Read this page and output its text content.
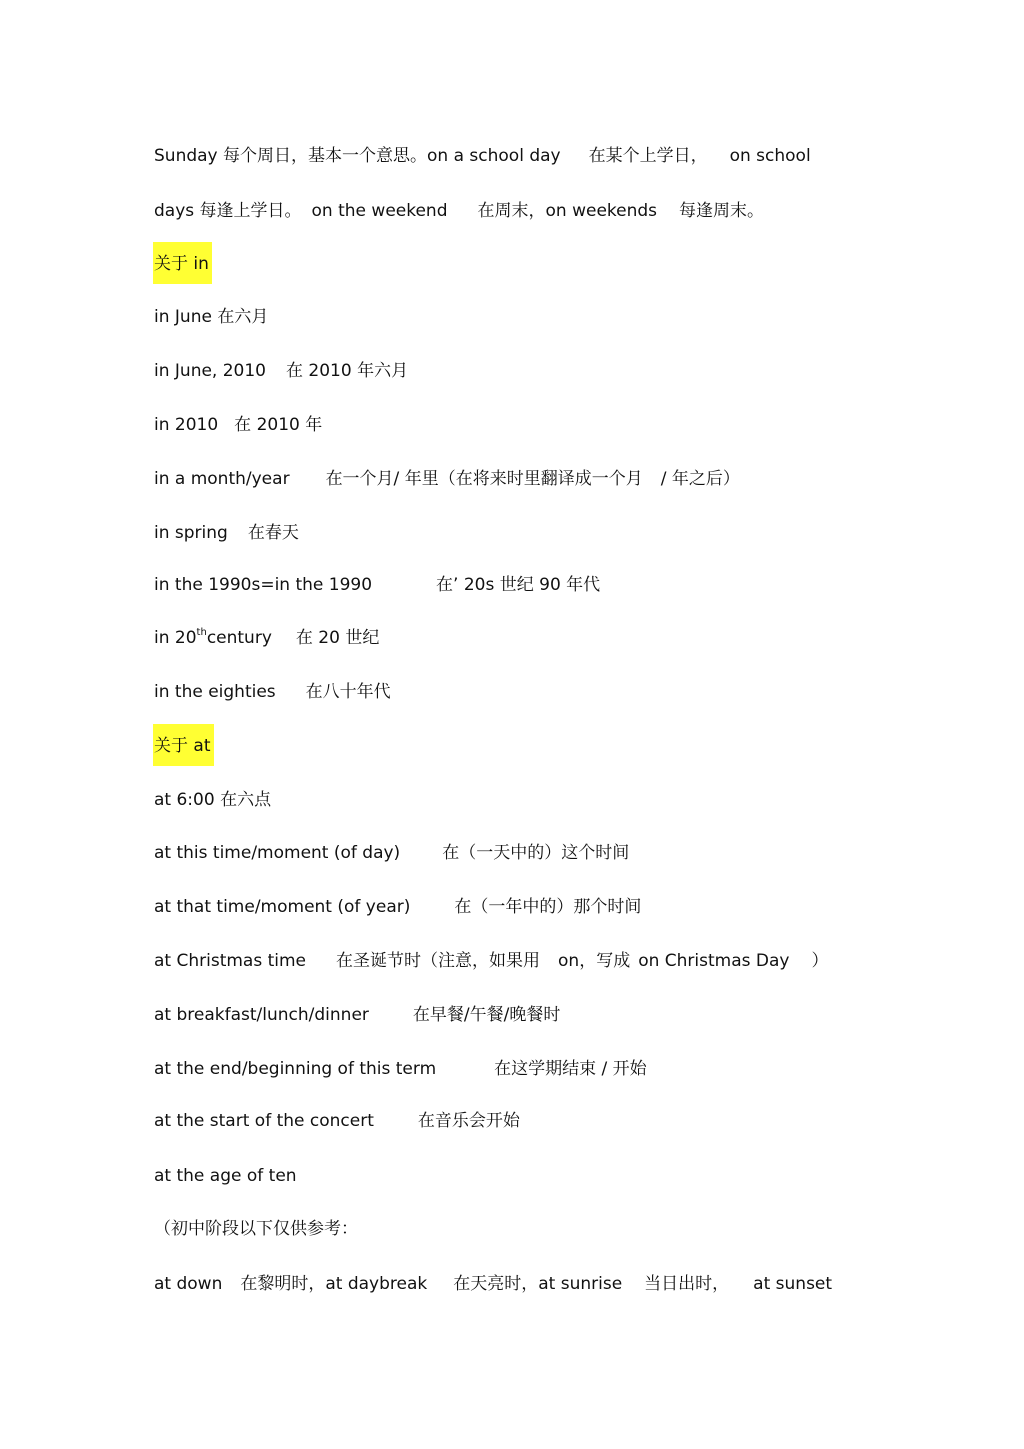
Sunday 每个周日，基本一个意思。on a school day 在某个上学日， on school
days 每逢上学日。 on the weekend 在周末，on weekends 每逢周末。
关于 in
in June 在六月
in June, 2010 在 2010 年六月
in 2010 在 2010 年
in a month/year 在一个月/ 年里（在将来时里翻译成一个月 / 年之后）
in spring 在春天
in the 1990s=in the 1990	在’ 20s 世纪 90 年代
in 20thcentury 在 20 世纪
in the eighties 在八十年代
关于 at
at 6:00 在六点
at this time/moment (of day) 在（一天中的）这个时间
at that time/moment (of year)	在（一年中的）那个时间
at Christmas time 在圣诞节时（注意，如果用 on，写成 on Christmas Day ）
at breakfast/lunch/dinner	在早餐/午餐/晚餐时
at the end/beginning of this term	在这学期结束 / 开始
at the start of the concert	在音乐会开始
at the age of ten
（初中阶段以下仅供参考：
at down 在黎明时，at daybreak 在天亮时，at sunrise 当日出时， at sunset
